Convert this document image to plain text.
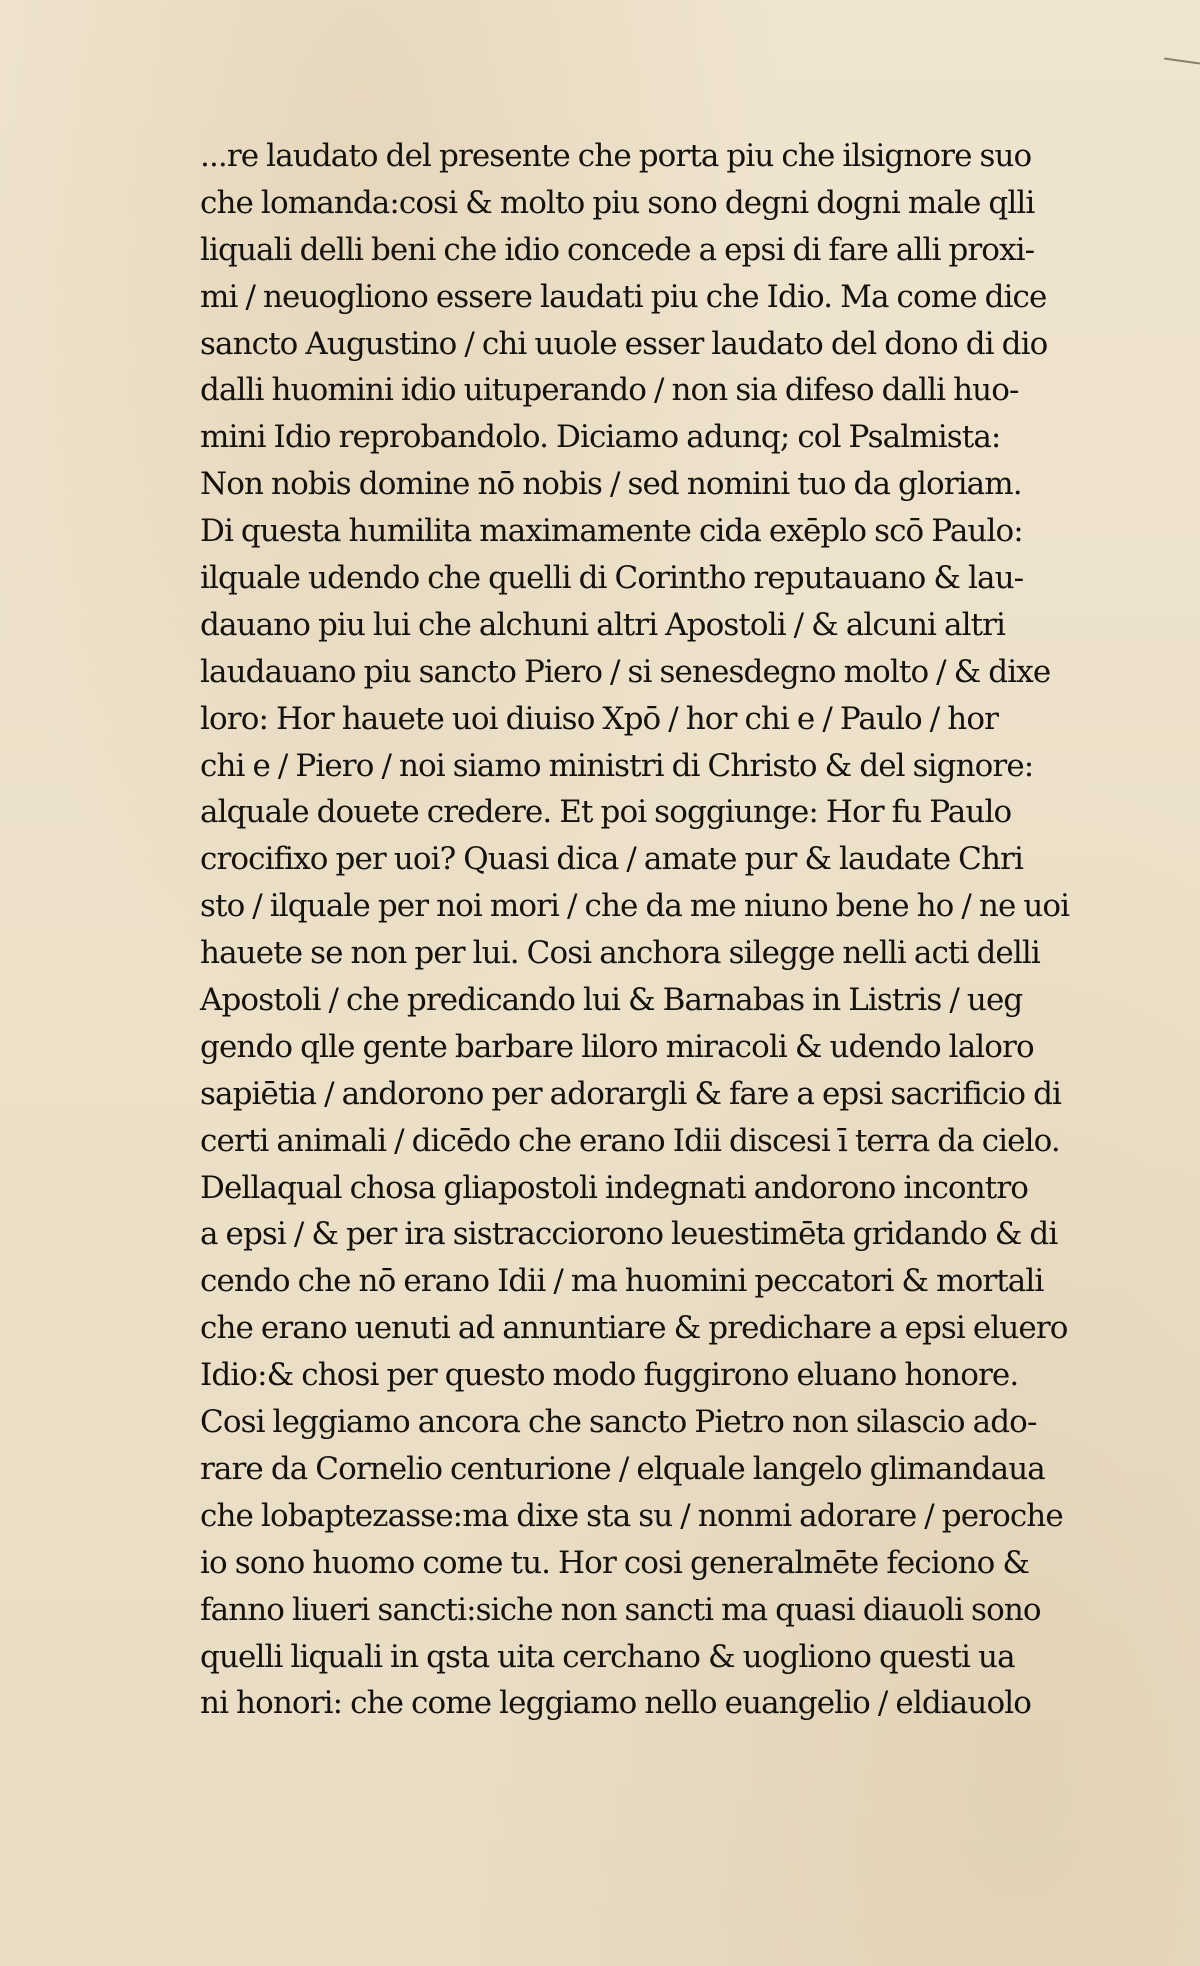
...re laudato del presente che porta piu che ilsignore suo
che lomanda:cosi & molto piu sono degni dogni male qlli
liquali delli beni che idio concede a epsi di fare alli proxi-
mi / neuogliono essere laudati piu che Idio. Ma come dice
sancto Augustino / chi uuole esser laudato del dono di dio
dalli huomini idio uituperando / non sia difeso dalli huo-
mini Idio reprobandolo. Diciamo adunq; col Psalmista:
Non nobis domine nō nobis / sed nomini tuo da gloriam.
Di questa humilita maximamente cida exēplo scō Paulo:
ilquale udendo che quelli di Corintho reputauano & lau-
dauano piu lui che alchuni altri Apostoli / & alcuni altri
laudauano piu sancto Piero / si senesdegno molto / & dixe
loro: Hor hauete uoi diuiso Xpō / hor chi e / Paulo / hor
chi e / Piero / noi siamo ministri di Christo & del signore:
alquale douete credere. Et poi soggiunge: Hor fu Paulo
crocifixo per uoi? Quasi dica / amate pur & laudate Chri
sto / ilquale per noi mori / che da me niuno bene ho / ne uoi
hauete se non per lui. Cosi anchora silegge nelli acti delli
Apostoli / che predicando lui & Barnabas in Listris / ueg
gendo qlle gente barbare liloro miracoli & udendo laloro
sapiētia / andorono per adorargli & fare a epsi sacrificio di
certi animali / dicēdo che erano Idii discesi ī terra da cielo.
Dellaqual chosa gliapostoli indegnati andorono incontro
a epsi / & per ira sistracciorono leuestimēta gridando & di
cendo che nō erano Idii / ma huomini peccatori & mortali
che erano uenuti ad annuntiare & predichare a epsi eluero
Idio:& chosi per questo modo fuggirono eluano honore.
Cosi leggiamo ancora che sancto Pietro non silascio ado-
rare da Cornelio centurione / elquale langelo glimandaua
che lobaptezasse:ma dixe sta su / nonmi adorare / peroche
io sono huomo come tu. Hor cosi generalmēte feciono &
fanno liueri sancti:siche non sancti ma quasi diauoli sono
quelli liquali in qsta uita cerchano & uogliono questi ua
ni honori: che come leggiamo nello euangelio / eldiauolo
